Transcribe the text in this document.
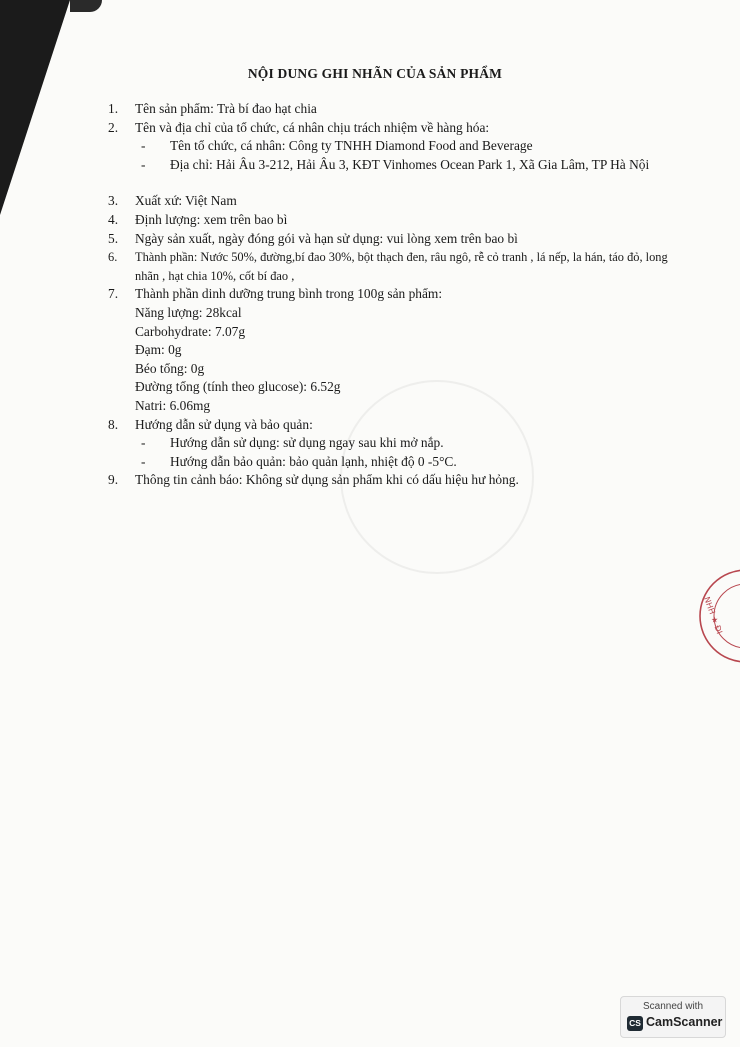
NỘI DUNG GHI NHÃN CỦA SẢN PHẨM
1. Tên sản phẩm: Trà bí đao hạt chia
2. Tên và địa chỉ của tổ chức, cá nhân chịu trách nhiệm về hàng hóa:
- Tên tổ chức, cá nhân: Công ty TNHH Diamond Food and Beverage
- Địa chỉ: Hải Âu 3-212, Hải Âu 3, KĐT Vinhomes Ocean Park 1, Xã Gia Lâm, TP Hà Nội
3. Xuất xứ: Việt Nam
4. Định lượng: xem trên bao bì
5. Ngày sản xuất, ngày đóng gói và hạn sử dụng: vui lòng xem trên bao bì
6. Thành phần: Nước 50%, đường,bí đao 30%, bột thạch đen, râu ngô, rễ cỏ tranh , lá nếp, la hán, táo đỏ, long nhãn , hạt chia 10%, cốt bí đao ,
7. Thành phần dinh dưỡng trung bình trong 100g sản phẩm:
Năng lượng: 28kcal
Carbohydrate: 7.07g
Đạm: 0g
Béo tổng: 0g
Đường tổng (tính theo glucose): 6.52g
Natri: 6.06mg
8. Hướng dẫn sử dụng và bảo quản:
- Hướng dẫn sử dụng: sử dụng ngay sau khi mở nắp.
- Hướng dẫn bảo quản: bảo quản lạnh, nhiệt độ 0 -5°C.
9. Thông tin cảnh báo: Không sử dụng sản phẩm khi có dấu hiệu hư hỏng.
NHH ★ ĐI
Scanned with
CS CamScanner
